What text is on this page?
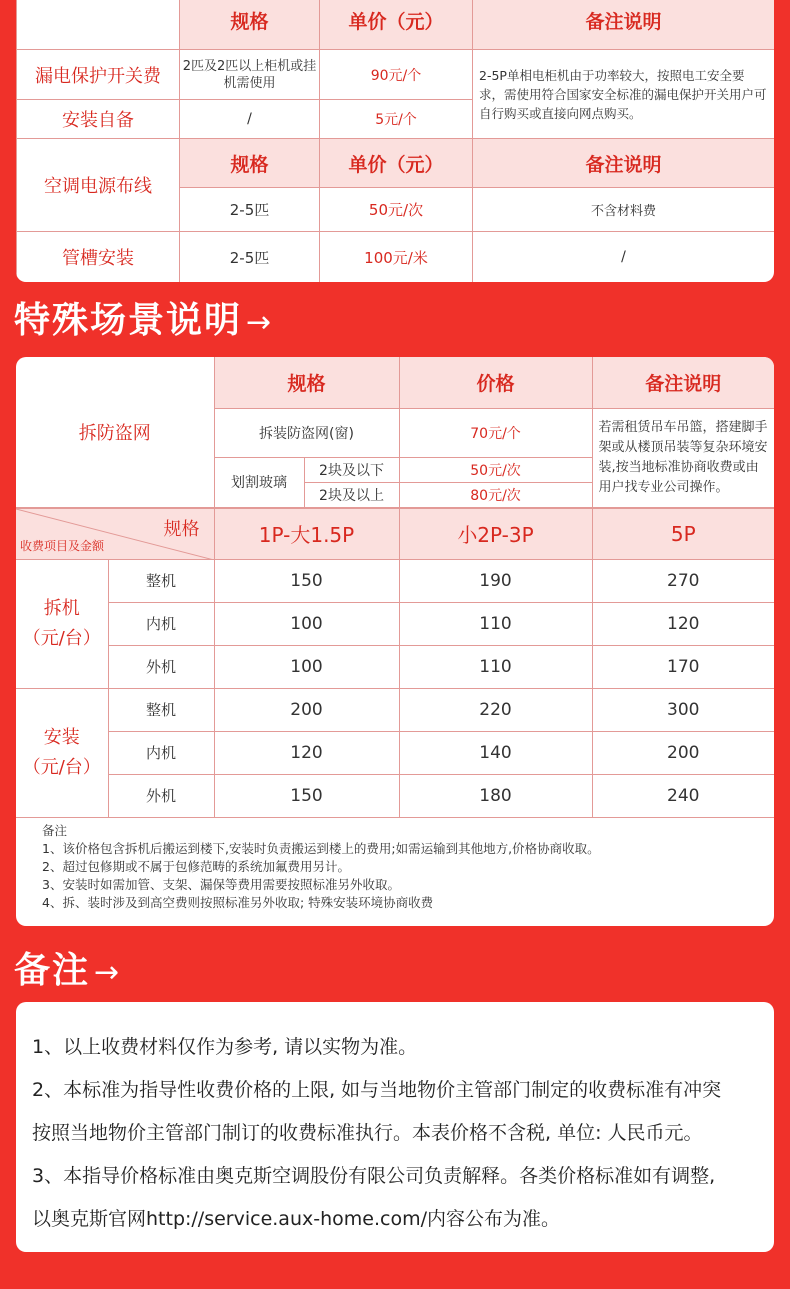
	规格	单价（元）	备注说明
漏电保护开关费	2匹及2匹以上柜机或挂机需使用	90元/个	2-5P单相电柜机由于功率较大，按照电工安全要求，需使用符合国家安全标准的漏电保护开关用户可自行购买或直接向网点购买。
安装自备	/	5元/个	
空调电源布线	规格	单价（元）	备注说明
	2-5匹	50元/次	不含材料费
管槽安装	2-5匹	100元/米	/
特殊场景说明 →
拆防盗网	规格		价格	备注说明
	拆装防盗网(窗)		70元/个	若需租赁吊车吊篮，搭建脚手架或从楼顶吊装等复杂环境安装,按当地标准协商收费或由用户找专业公司操作。
	划割玻璃	2块及以下	50元/次	
		2块及以上	80元/次	
规格
收费项目及金额		1P-大1.5P	小2P-3P	5P
拆机
（元/台）	整机	150	190	270
	内机	100	110	120
	外机	100	110	170
安装
（元/台）	整机	200	220	300
	内机	120	140	200
	外机	150	180	240
备注
1、该价格包含拆机后搬运到楼下,安装时负责搬运到楼上的费用;如需运输到其他地方,价格协商收取。
2、超过包修期或不属于包修范畴的系统加氟费用另计。
3、安装时如需加管、支架、漏保等费用需要按照标准另外收取。
4、拆、装时涉及到高空费则按照标准另外收取; 特殊安装环境协商收费
备注 →

1、以上收费材料仅作为参考, 请以实物为准。

2、本标准为指导性收费价格的上限, 如与当地物价主管部门制定的收费标准有冲突

按照当地物价主管部门制订的收费标准执行。本表价格不含税, 单位: 人民币元。

3、本指导价格标准由奥克斯空调股份有限公司负责解释。各类价格标准如有调整,

以奥克斯官网http://service.aux-home.com/内容公布为准。
